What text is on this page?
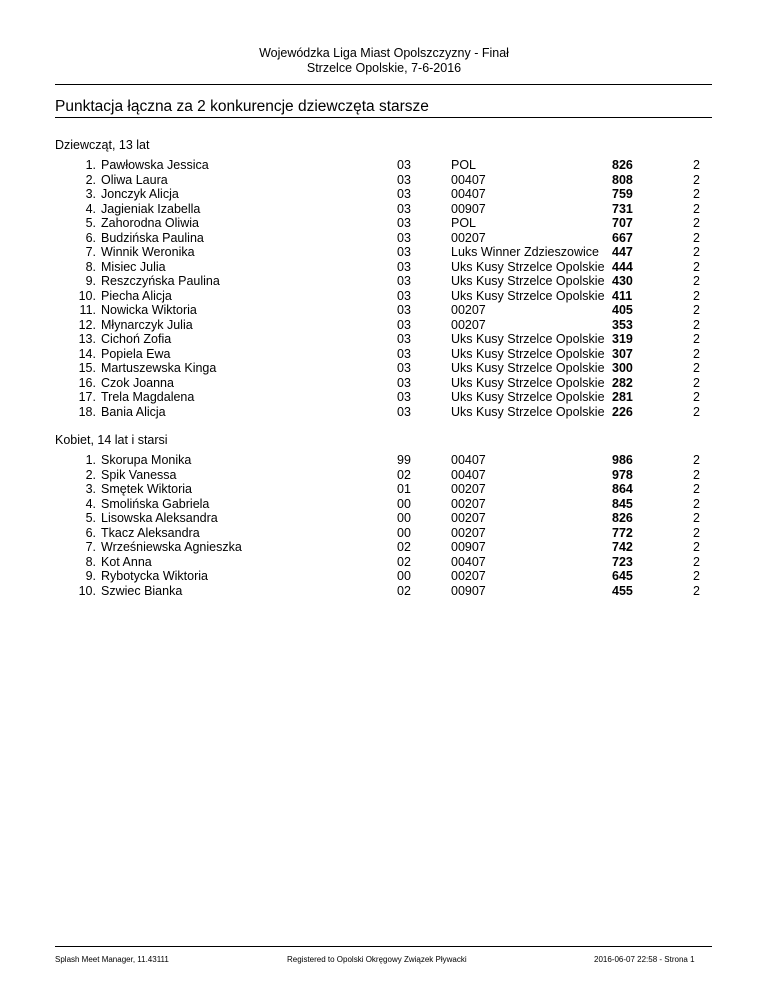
Wojewódzka Liga Miast Opolszczyzny - Finał
Strzelce Opolskie, 7-6-2016
Punktacja łączna za 2 konkurencje dziewczęta starsze
Dziewcząt, 13 lat
Kobiet, 14 lat i starsi
1. Pawłowska Jessica	03	POL	826	2
2. Oliwa Laura	03	00407	808	2
3. Jonczyk Alicja	03	00407	759	2
4. Jagieniak Izabella	03	00907	731	2
5. Zahorodna Oliwia	03	POL	707	2
6. Budzińska Paulina	03	00207	667	2
7. Winnik Weronika	03	Luks Winner Zdzieszowice 447	2
8. Misiec Julia	03	Uks Kusy Strzelce Opolskie 444	2
9. Reszczyńska Paulina	03	Uks Kusy Strzelce Opolskie 430	2
10. Piecha Alicja	03	Uks Kusy Strzelce Opolskie 411	2
11. Nowicka Wiktoria	03	00207	405	2
12. Młynarczyk Julia	03	00207	353	2
13. Cichoń Zofia	03	Uks Kusy Strzelce Opolskie 319	2
14. Popiela Ewa	03	Uks Kusy Strzelce Opolskie 307	2
15. Martuszewska Kinga	03	Uks Kusy Strzelce Opolskie 300	2
16. Czok Joanna	03	Uks Kusy Strzelce Opolskie 282	2
17. Trela Magdalena	03	Uks Kusy Strzelce Opolskie 281	2
18. Bania Alicja	03	Uks Kusy Strzelce Opolskie 226	2
1. Skorupa Monika	99	00407	986	2
2. Spik Vanessa	02	00407	978	2
3. Smętek Wiktoria	01	00207	864	2
4. Smolińska Gabriela	00	00207	845	2
5. Lisowska Aleksandra	00	00207	826	2
6. Tkacz Aleksandra	00	00207	772	2
7. Wrześniewska Agnieszka	02	00907	742	2
8. Kot Anna	02	00407	723	2
9. Rybotycka Wiktoria	00	00207	645	2
10. Szwiec Bianka	02	00907	455	2
Splash Meet Manager, 11.43111	Registered to Opolski Okręgowy Związek Pływacki	2016-06-07 22:58 - Strona 1
